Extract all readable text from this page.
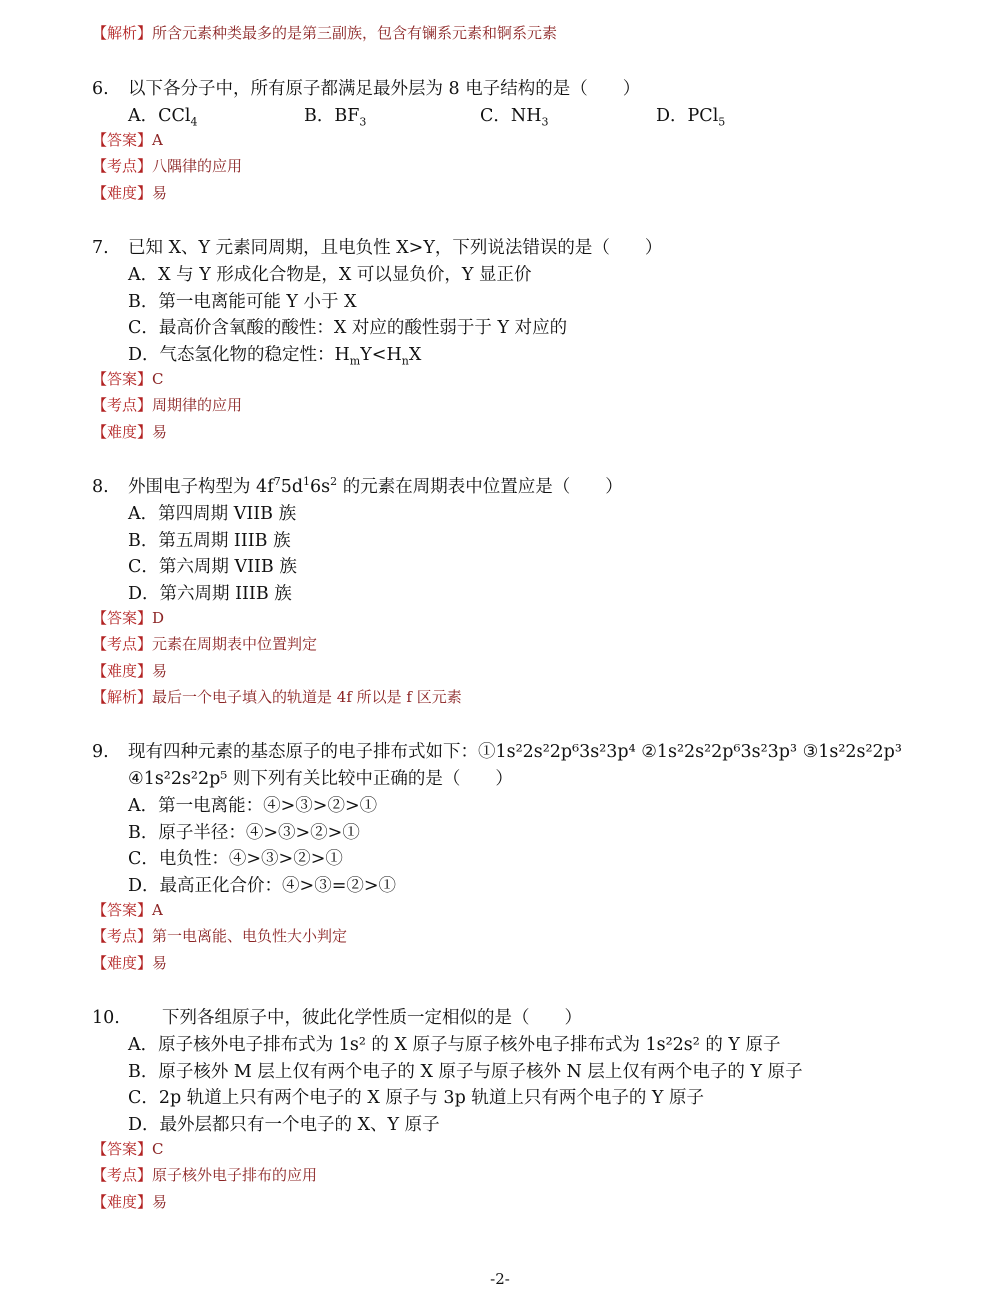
【解析】所含元素种类最多的是第三副族，包含有镧系元素和锕系元素
6. 以下各分子中，所有原子都满足最外层为 8 电子结构的是（　　）
A．CCl$_4$	B．$BF_3$	C．$NH_3$	D．PCl$_5$
【答案】A
【考点】八隅律的应用
【难度】易
7. 已知 X、Y 元素同周期，且电负性 X>Y，下列说法错误的是（　　）
A．X 与 Y 形成化合物是，X 可以显负价，Y 显正价
B．第一电离能可能 Y 小于 X
C．最高价含氧酸的酸性：X 对应的酸性弱于于 Y 对应的
D．气态氢化物的稳定性：$H_mY<H_nX$
【答案】C
【考点】周期律的应用
【难度】易
8. 外围电子构型为 $4f^75d^16s^2$ 的元素在周期表中位置应是（　　）
A．第四周期 VIIB 族
B．第五周期 IIIB 族
C．第六周期 VIIB 族
D．第六周期 IIIB 族
【答案】D
【考点】元素在周期表中位置判定
【难度】易
【解析】最后一个电子填入的轨道是 4f 所以是 f 区元素
9. 现有四种元素的基态原子的电子排布式如下：①1s²2s²2p⁶3s²3p⁴ ②1s²2s²2p⁶3s²3p³ ③1s²2s²2p³
④1s²2s²2p⁵ 则下列有关比较中正确的是（　　）
A．第一电离能：④>③>②>①
B．原子半径：④>③>②>①
C．电负性：④>③>②>①
D．最高正化合价：④>③=②>①
【答案】A
【考点】第一电离能、电负性大小判定
【难度】易
10. 下列各组原子中，彼此化学性质一定相似的是（　　）
A．原子核外电子排布式为 1s² 的 X 原子与原子核外电子排布式为 1s²2s² 的 Y 原子
B．原子核外 M 层上仅有两个电子的 X 原子与原子核外 N 层上仅有两个电子的 Y 原子
C．2p 轨道上只有两个电子的 X 原子与 3p 轨道上只有两个电子的 Y 原子
D．最外层都只有一个电子的 X、Y 原子
【答案】C
【考点】原子核外电子排布的应用
【难度】易
-2-
